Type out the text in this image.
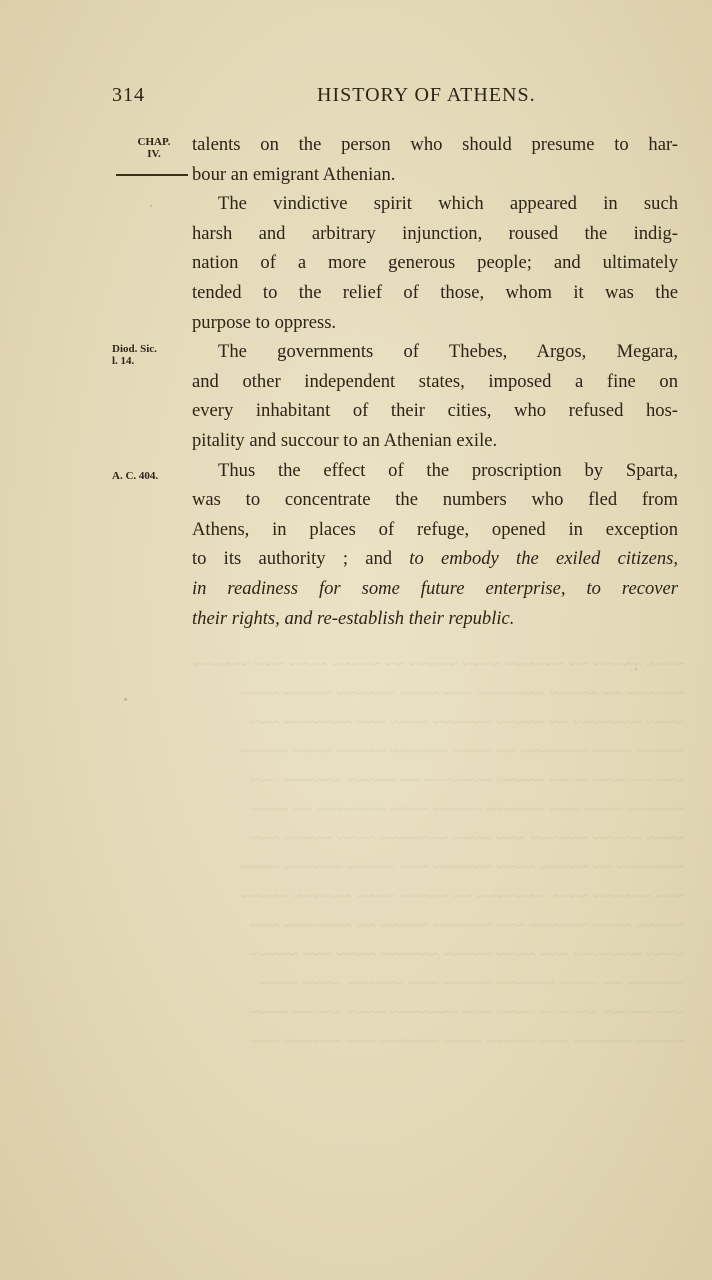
314	HISTORY OF ATHENS.
CHAP.
IV.
Diod. Sic.
l. 14.
A. C. 404.
talents on the person who should presume to har-
bour an emigrant Athenian.
The vindictive spirit which appeared in such
harsh and arbitrary injunction, roused the indig-
nation of a more generous people; and ultimately
tended to the relief of those, whom it was the
purpose to oppress.
The governments of Thebes, Argos, Megara,
and other independent states, imposed a fine on
every inhabitant of their cities, who refused hos-
pitality and succour to an Athenian exile.
Thus the effect of the proscription by Sparta,
was to concentrate the numbers who fled from
Athens, in places of refuge, opened in exception
to its authority ; and to embody the exiled citizens,
in readiness for some future enterprise, to recover
their rights, and re-establish their republic.
~~~~ ~~~~~ ~~ ~~~~~~ ~~~~ ~~~~~ ~~ ~~~~~ ~~~~ ~~~ ~~~~~~
~~~~~~ ~~ ~~~~~ ~~~~~~~ ~~~ ~~~~ ~~~~~~ ~~~~~ ~~~~
~~~~ ~~~~~~~ ~~ ~~~~~ ~~~~~~ ~~~~ ~~~ ~~~~~~~ ~~~
~~~~~ ~~~~ ~~~~~~~ ~~ ~~~~ ~~~~~~ ~~~~~ ~~~~ ~~~~~
~~~ ~~~~~~ ~~~~ ~~~~~ ~~~~~~~ ~~ ~~~~~ ~~~~~~ ~~~
~~~~~~ ~~~~ ~~~ ~~~~~~ ~~~~~ ~~~~ ~~~~~~~ ~~ ~~~~
~~~~ ~~~~~ ~~~~~~ ~~~ ~~~~ ~~~~~~~ ~~~~ ~~~~~ ~~~
~~~~~~~ ~~ ~~~~~ ~~~~ ~~~~~~ ~~~ ~~~~~ ~~~~~~ ~~~~
~~~ ~~~~~~ ~~~~ ~~~~~~~ ~~ ~~~~~ ~~~~ ~~~~~~ ~~~~~
~~~~~ ~~~~ ~~~~~~ ~~~ ~~~~~~ ~~~~~ ~~ ~~~~~~~ ~~~
~~~~ ~~~~~~~ ~~~ ~~~~ ~~~~~ ~~~~~~ ~~~~ ~~~ ~~~~~
~~~~~~ ~~ ~~~~ ~~~~~~ ~~~~~ ~~~ ~~~~~~ ~~~~ ~~~~
~~~ ~~~~~ ~~~~~~ ~~~~ ~~~ ~~~~~~~ ~~~~ ~~~~~ ~~~~
~~~~~ ~~~~~~ ~~~ ~~~~~ ~~~~ ~~~~~~ ~~~ ~~~~~~ ~~~
